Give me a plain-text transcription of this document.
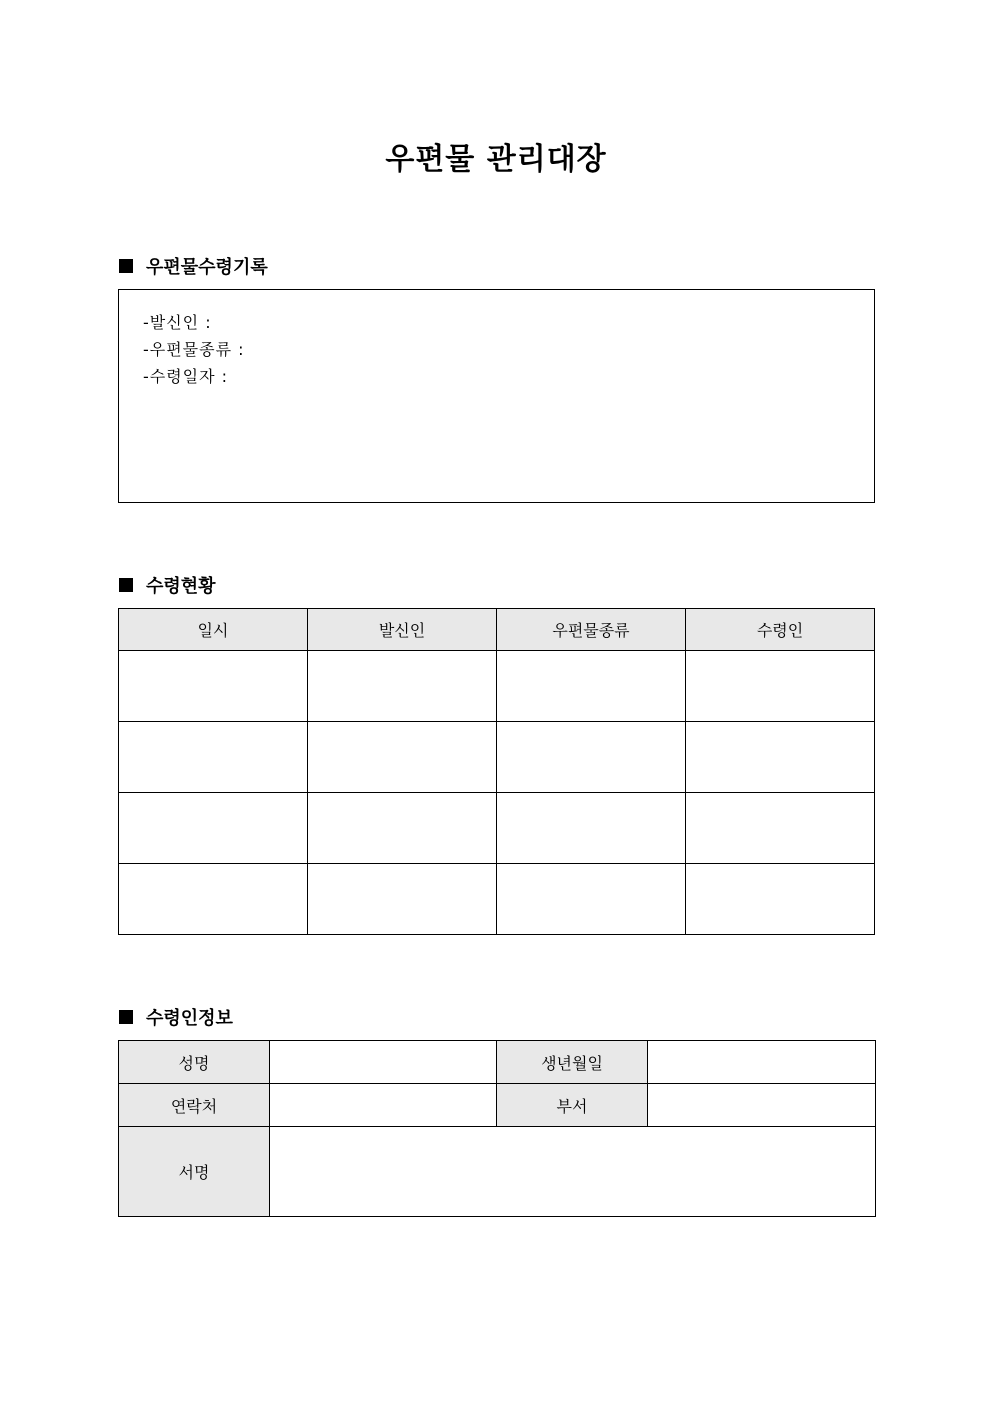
우편물 관리대장
우편물수령기록
-발신인 :
-우편물종류 :
-수령일자 :
수령현황
일시	발신인	우편물종류	수령인

수령인정보
성명		생년월일	
연락처		부서	
서명			
